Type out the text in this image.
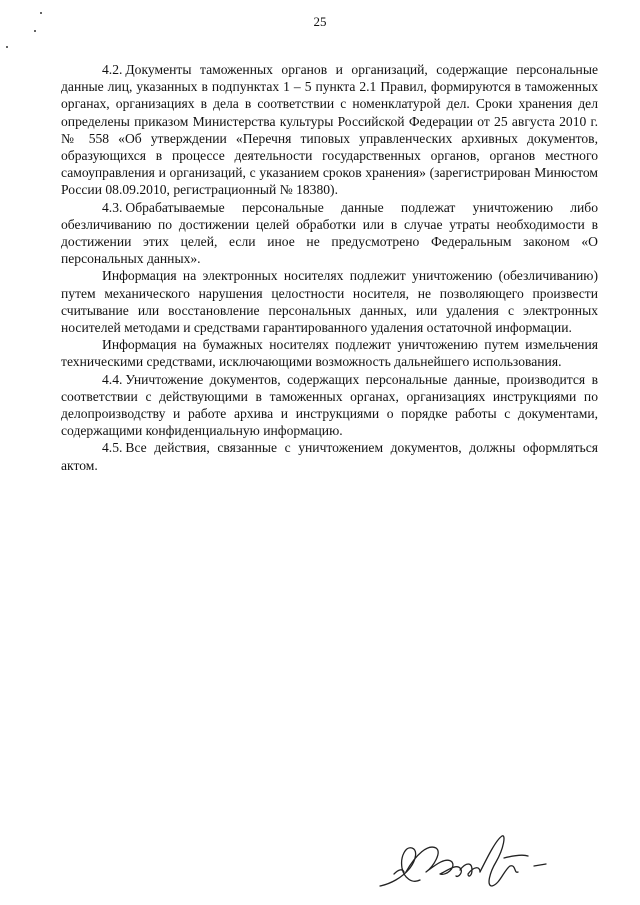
25

4.2. Документы таможенных органов и организаций, содержащие персональные данные лиц, указанных в подпунктах 1 – 5 пункта 2.1 Правил, формируются в таможенных органах, организациях в дела в соответствии с номенклатурой дел. Сроки хранения дел определены приказом Министерства культуры Российской Федерации от 25 августа 2010 г. № 558 «Об утверждении «Перечня типовых управленческих архивных документов, образующихся в процессе деятельности государственных органов, органов местного самоуправления и организаций, с указанием сроков хранения» (зарегистрирован Минюстом России 08.09.2010, регистрационный № 18380).

4.3. Обрабатываемые персональные данные подлежат уничтожению либо обезличиванию по достижении целей обработки или в случае утраты необходимости в достижении этих целей, если иное не предусмотрено Федеральным законом «О персональных данных».

Информация на электронных носителях подлежит уничтожению (обезличиванию) путем механического нарушения целостности носителя, не позволяющего произвести считывание или восстановление персональных данных, или удаления с электронных носителей методами и средствами гарантированного удаления остаточной информации.

Информация на бумажных носителях подлежит уничтожению путем измельчения техническими средствами, исключающими возможность дальнейшего использования.

4.4. Уничтожение документов, содержащих персональные данные, производится в соответствии с действующими в таможенных органах, организациях инструкциями по делопроизводству и работе архива и инструкциями о порядке работы с документами, содержащими конфиденциальную информацию.

4.5. Все действия, связанные с уничтожением документов, должны оформляться актом.
